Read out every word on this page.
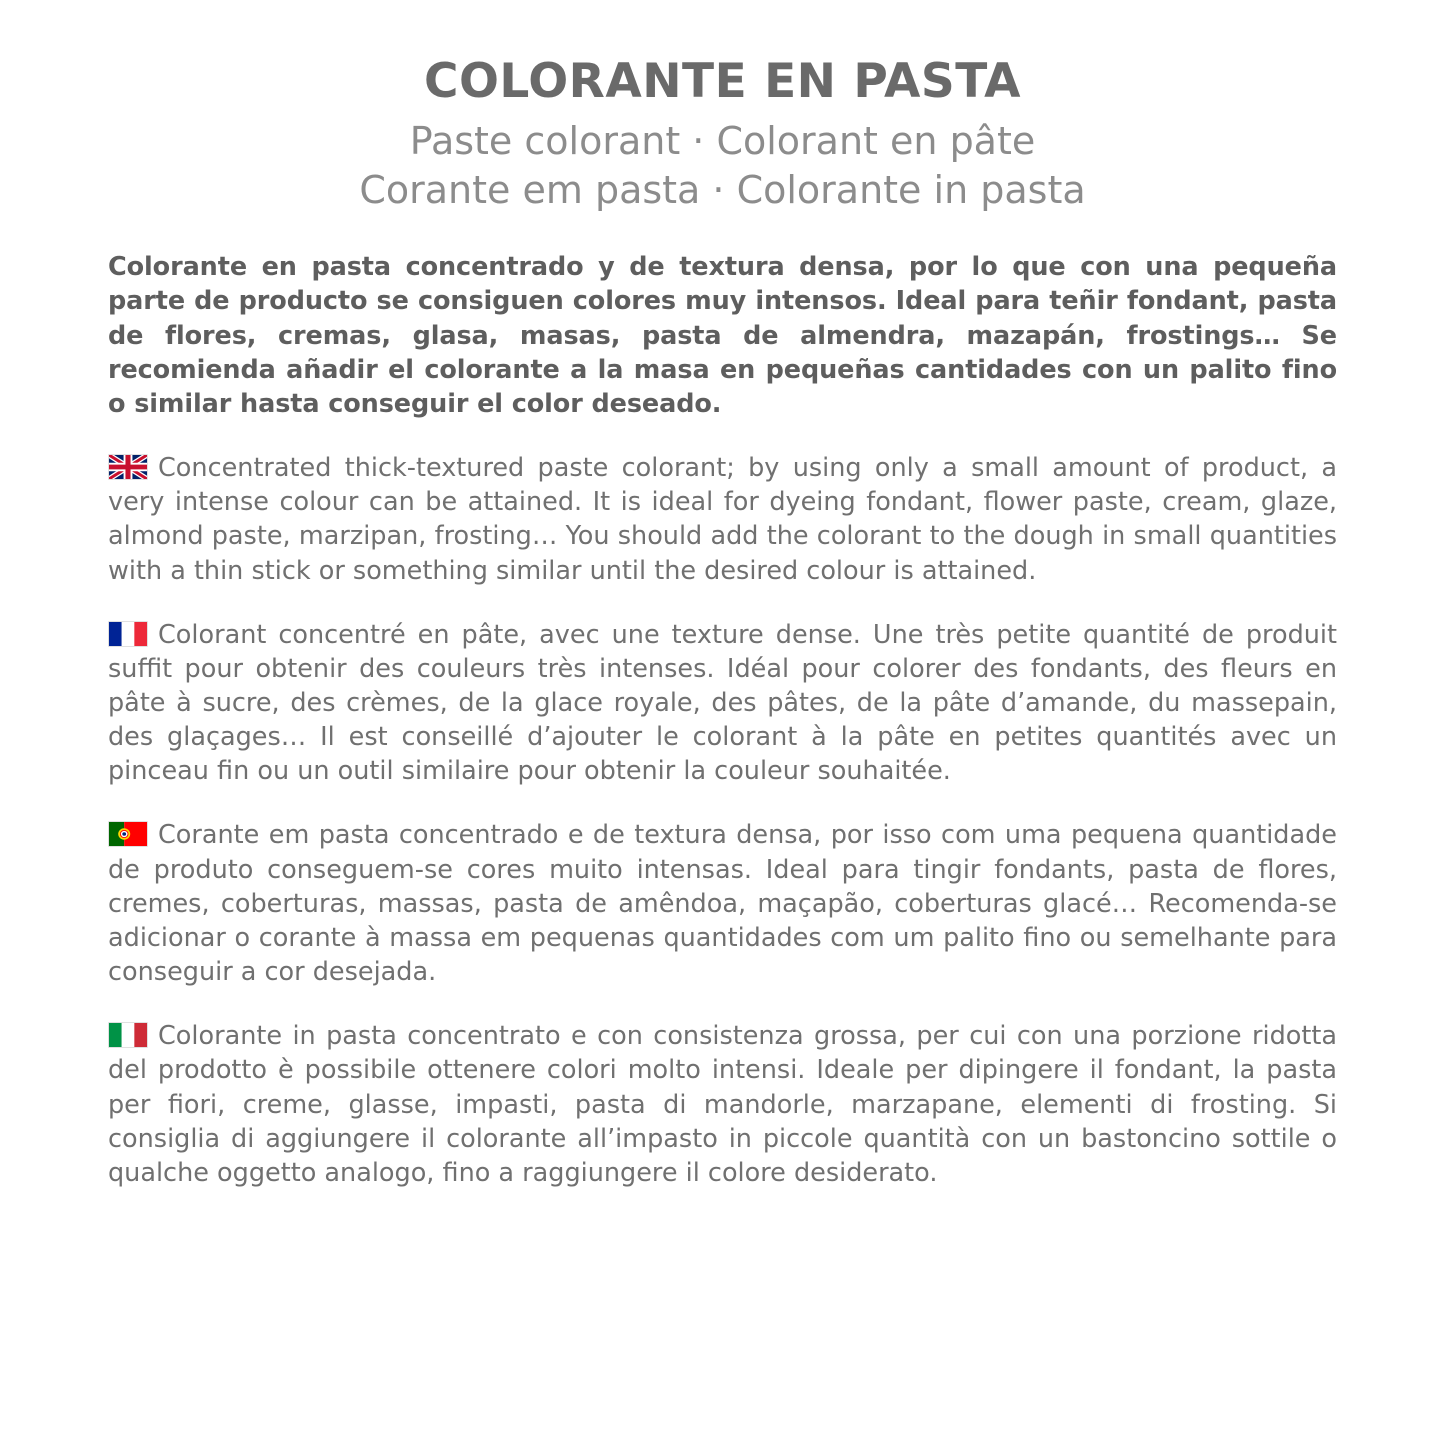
COLORANTE EN PASTA
Paste colorant · Colorant en pâte
Corante em pasta · Colorante in pasta

Colorante en pasta concentrado y de textura densa, por lo que con una pequeña parte de producto se consiguen colores muy intensos. Ideal para teñir fondant, pasta de flores, cremas, glasa, masas, pasta de almendra, mazapán, frostings… Se recomienda añadir el colorante a la masa en pequeñas cantidades con un palito fino o similar hasta conseguir el color deseado.

Concentrated thick-textured paste colorant; by using only a small amount of product, a very intense colour can be attained. It is ideal for dyeing fondant, flower paste, cream, glaze, almond paste, marzipan, frosting… You should add the colorant to the dough in small quantities with a thin stick or something similar until the desired colour is attained.

Colorant concentré en pâte, avec une texture dense. Une très petite quantité de produit suffit pour obtenir des couleurs très intenses. Idéal pour colorer des fondants, des fleurs en pâte à sucre, des crèmes, de la glace royale, des pâtes, de la pâte d’amande, du massepain, des glaçages… Il est conseillé d’ajouter le colorant à la pâte en petites quantités avec un pinceau fin ou un outil similaire pour obtenir la couleur souhaitée.

Corante em pasta concentrado e de textura densa, por isso com uma pequena quantidade de produto conseguem-se cores muito intensas. Ideal para tingir fondants, pasta de flores, cremes, coberturas, massas, pasta de amêndoa, maçapão, coberturas glacé… Recomenda-se adicionar o corante à massa em pequenas quantidades com um palito fino ou semelhante para conseguir a cor desejada.

Colorante in pasta concentrato e con consistenza grossa, per cui con una porzione ridotta del prodotto è possibile ottenere colori molto intensi. Ideale per dipingere il fondant, la pasta per fiori, creme, glasse, impasti, pasta di mandorle, marzapane, elementi di frosting. Si consiglia di aggiungere il colorante all’impasto in piccole quantità con un bastoncino sottile o qualche oggetto analogo, fino a raggiungere il colore desiderato.
